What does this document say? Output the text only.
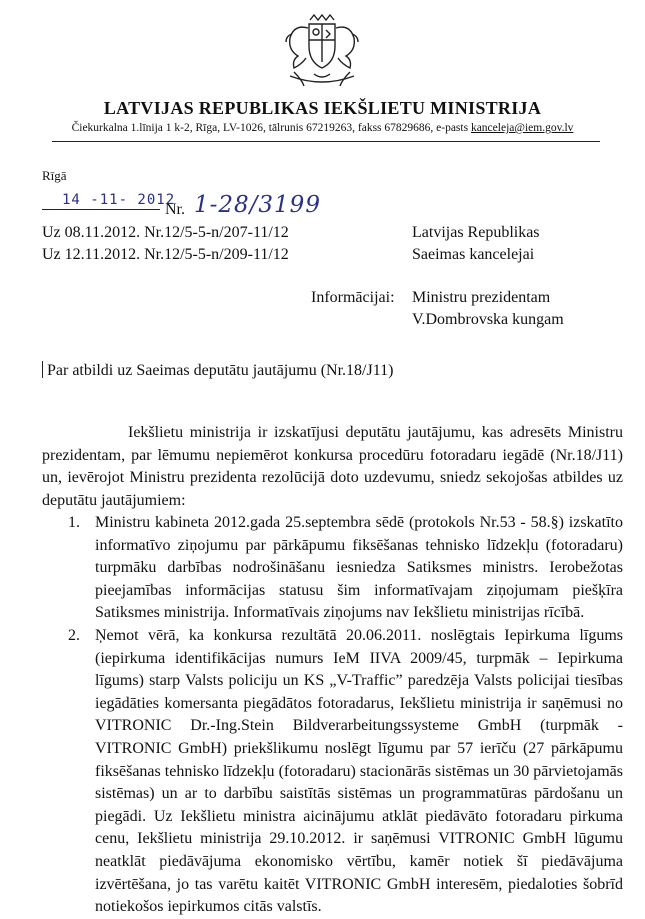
LATVIJAS REPUBLIKAS IEKŠLIETU MINISTRIJA
Čiekurkalna 1.līnija 1 k-2, Rīga, LV-1026, tālrunis 67219263, fakss 67829686, e-pasts kanceleja@iem.gov.lv
Rīgā
14 -11- 2012
Nr. 1-28/3199
Uz 08.11.2012. Nr.12/5-5-n/207-11/12
Uz 12.11.2012. Nr.12/5-5-n/209-11/12
Latvijas Republikas
Saeimas kancelejai
Informācijai: Ministru prezidentam
V.Dombrovska kungam
Par atbildi uz Saeimas deputātu jautājumu (Nr.18/J11)

Iekšlietu ministrija ir izskatījusi deputātu jautājumu, kas adresēts Ministru prezidentam, par lēmumu nepiemērot konkursa procedūru fotoradaru iegādē (Nr.18/J11) un, ievērojot Ministru prezidenta rezolūcijā doto uzdevumu, sniedz sekojošas atbildes uz deputātu jautājumiem:

1. Ministru kabineta 2012.gada 25.septembra sēdē (protokols Nr.53 - 58.§) izskatīto informatīvo ziņojumu par pārkāpumu fiksēšanas tehnisko līdzekļu (fotoradaru) turpmāku darbības nodrošināšanu iesniedza Satiksmes ministrs. Ierobežotas pieejamības informācijas statusu šim informatīvajam ziņojumam piešķīra Satiksmes ministrija. Informatīvais ziņojums nav Iekšlietu ministrijas rīcībā.
2. Ņemot vērā, ka konkursa rezultātā 20.06.2011. noslēgtais Iepirkuma līgums (iepirkuma identifikācijas numurs IeM IIVA 2009/45, turpmāk – Iepirkuma līgums) starp Valsts policiju un KS „V-Traffic” paredzēja Valsts policijai tiesības iegādāties komersanta piegādātos fotoradarus, Iekšlietu ministrija ir saņēmusi no VITRONIC Dr.-Ing.Stein Bildverarbeitungssysteme GmbH (turpmāk - VITRONIC GmbH) priekšlikumu noslēgt līgumu par 57 ierīču (27 pārkāpumu fiksēšanas tehnisko līdzekļu (fotoradaru) stacionārās sistēmas un 30 pārvietojamās sistēmas) un ar to darbību saistītās sistēmas un programmatūras pārdošanu un piegādi. Uz Iekšlietu ministra aicinājumu atklāt piedāvāto fotoradaru pirkuma cenu, Iekšlietu ministrija 29.10.2012. ir saņēmusi VITRONIC GmbH lūgumu neatklāt piedāvājuma ekonomisko vērtību, kamēr notiek šī piedāvājuma izvērtēšana, jo tas varētu kaitēt VITRONIC GmbH interesēm, piedaloties šobrīd notiekošos iepirkumos citās valstīs.
